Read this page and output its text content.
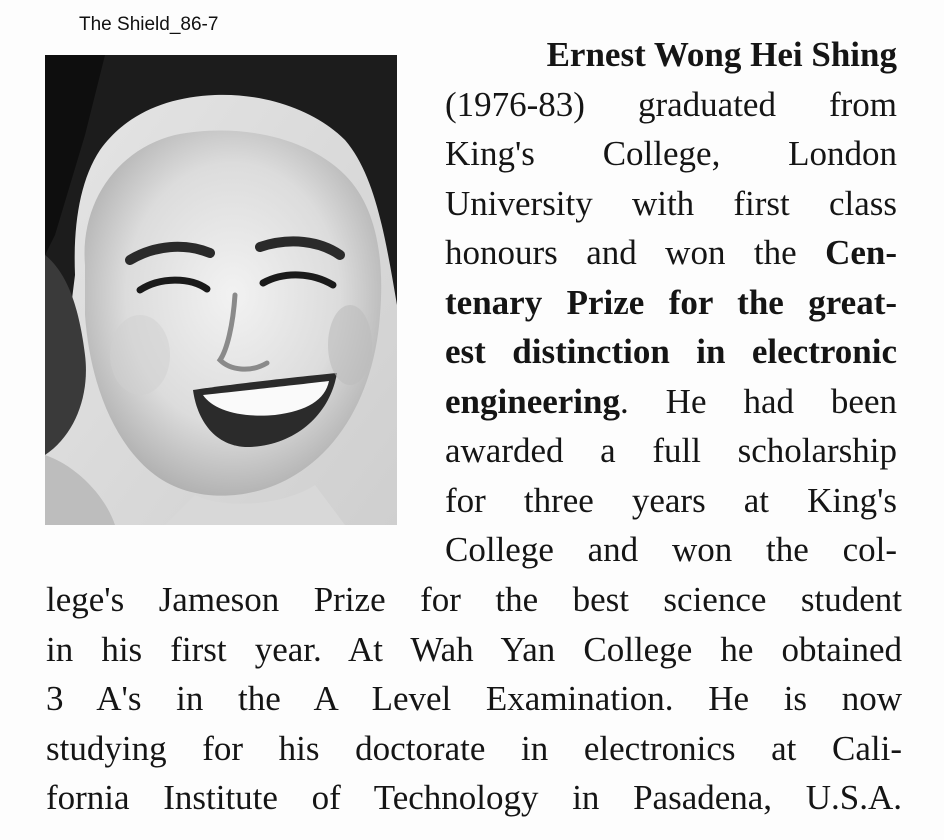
The Shield_86-7
Ernest Wong Hei Shing
(1976-83) graduated from
King's College, London
University with first class
honours and won the Cen-
tenary Prize for the great-
est distinction in electronic
engineering. He had been
awarded a full scholarship
for three years at King's
College and won the col-
lege's Jameson Prize for the best science student
in his first year. At Wah Yan College he obtained
3 A's in the A Level Examination. He is now
studying for his doctorate in electronics at Cali-
fornia Institute of Technology in Pasadena, U.S.A.
